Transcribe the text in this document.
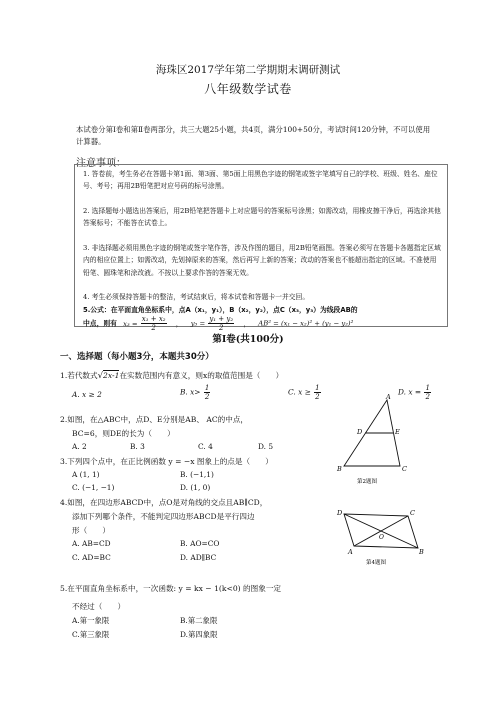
海珠区2017学年第二学期期末调研测试
八年级数学试卷
本试卷分第Ⅰ卷和第Ⅱ卷两部分，共三大题25小题，共4页，满分100+50分，考试时间120分钟，不可以使用计算器。
注意事项：
1. 答卷前，考生务必在答题卡第1面、第3面、第5面上用黑色字迹的钢笔或签字笔填写自己的学校、班级、姓名、座位号、考号；再用2B铅笔把对应号码的标号涂黑。
2. 选择题每小题选出答案后，用2B铅笔把答题卡上对应题号的答案标号涂黑；如需改动，用橡皮擦干净后，再选涂其他答案标号；不能答在试卷上。
3. 非选择题必须用黑色字迹的钢笔或签字笔作答，涉及作图的题目，用2B铅笔画图。答案必须写在答题卡各题指定区域内的相应位置上；如需改动，先划掉原来的答案，然后再写上新的答案；改动的答案也不能超出指定的区域。不准使用铅笔、圆珠笔和涂改液。不按以上要求作答的答案无效。
4. 考生必须保持答题卡的整洁，考试结束后，将本试卷和答题卡一并交回。
5.公式：在平面直角坐标系中，点A（x₁，y₁），B（x₂，y₂），点C（x₃，y₃）为线段AB的
中点，则有 $x_3 = \frac{\text{x₁ + x₂}}{2}$ ， $y_3 = \frac{\text{y₁ + y₂}}{2}$ ， AB² = (x₁ − x₂)² + (y₁ − y₂)²
第Ⅰ卷(共100分)
一、选择题（每小题3分，本题共30分）
1.若代数式√2x-1在实数范围内有意义，则x的取值范围是（　　）
A. x ≥ 2	B. $x> \frac{1}{2}$	C. $x \ge \frac{1}{2}$	D. $x = \frac{1}{2}$
2.如图，在△ABC中，点D、E分别是AB、 AC的中点，
BC=6，则DE的长为（　　）
A. 2	B. 3	C. 4	D. 5
A
B	C
D	E
第2题图
3.下列四个点中，在正比例函数 y = −x 图象上的点是（　　）
A (1, 1)	B. (−1,1)
C. (−1, −1)	D. (1, 0)
4.如图，在四边形ABCD中，点O是对角线的交点且AB∥CD，
添加下列哪个条件，不能判定四边形ABCD是平行四边
形（　　）
A. AB=CD	B. AO=CO
C. AD=BC	D. AD∥BC
D	C
A	B
O
第4题图
5.在平面直角坐标系中，一次函数: y = kx − 1(k<0) 的图象一定
不经过（　　）
A.第一象限	B.第二象限
C.第三象限	D.第四象限
